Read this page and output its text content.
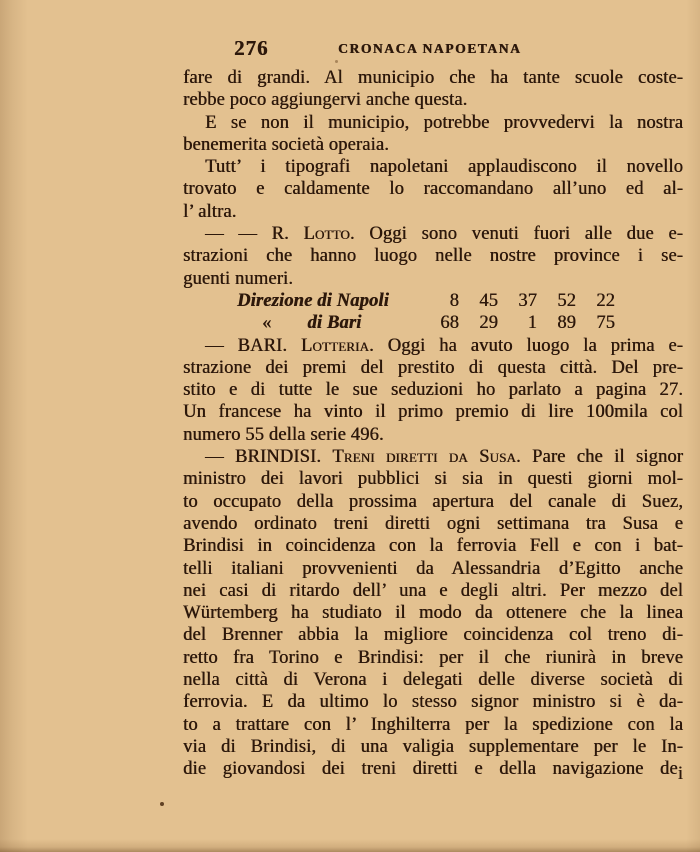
276	CRONACA NAPOETANA
fare di grandi. Al municipio che ha tante scuole coste-
rebbe poco aggiungervi anche questa.
E se non il municipio, potrebbe provvedervi la nostra
benemerita società operaia.
Tutt’ i tipografi napoletani applaudiscono il novello
trovato e caldamente lo raccomandano all’uno ed al-
l’ altra.
— — R. Lotto. Oggi sono venuti fuori alle due e-
strazioni che hanno luogo nelle nostre province i se-
guenti numeri.
Direzione di Napoli	8	45	37	52	22
« di Bari	68	29	1	89	75
— BARI. Lotteria. Oggi ha avuto luogo la prima e-
strazione dei premi del prestito di questa città. Del pre-
stito e di tutte le sue seduzioni ho parlato a pagina 27.
Un francese ha vinto il primo premio di lire 100mila col
numero 55 della serie 496.
— BRINDISI. Treni diretti da Susa. Pare che il signor
ministro dei lavori pubblici si sia in questi giorni mol-
to occupato della prossima apertura del canale di Suez,
avendo ordinato treni diretti ogni settimana tra Susa e
Brindisi in coincidenza con la ferrovia Fell e con i bat-
telli italiani provvenienti da Alessandria d’Egitto anche
nei casi di ritardo dell’ una e degli altri. Per mezzo del
Würtemberg ha studiato il modo da ottenere che la linea
del Brenner abbia la migliore coincidenza col treno di-
retto fra Torino e Brindisi: per il che riunirà in breve
nella città di Verona i delegati delle diverse società di
ferrovia. E da ultimo lo stesso signor ministro si è da-
to a trattare con l’ Inghilterra per la spedizione con la
via di Brindisi, di una valigia supplementare per le In-
die giovandosi dei treni diretti e della navigazione dei
